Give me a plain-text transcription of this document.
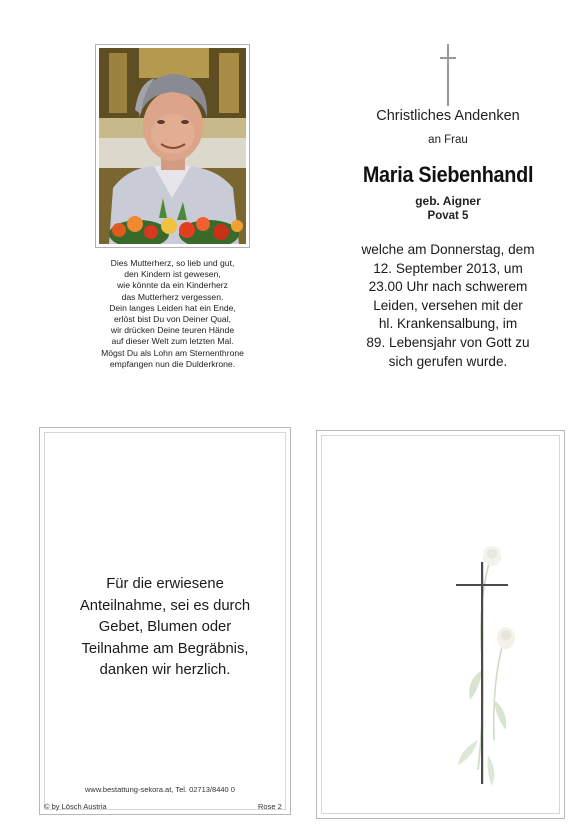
Dies Mutterherz, so lieb und gut,
den Kindern ist gewesen,
wie könnte da ein Kinderherz
das Mutterherz vergessen.
Dein langes Leiden hat ein Ende,
erlöst bist Du von Deiner Qual,
wir drücken Deine teuren Hände
auf dieser Welt zum letzten Mal.
Mögst Du als Lohn am Sternenthrone
empfangen nun die Dulderkrone.
Christliches Andenken
an Frau
Maria Siebenhandl
geb. Aigner
Povat 5
welche am Donnerstag, dem
12. September 2013, um
23.00 Uhr nach schwerem
Leiden, versehen mit der
hl. Krankensalbung, im
89. Lebensjahr von Gott zu
sich gerufen wurde.
Für die erwiesene
Anteilnahme, sei es durch
Gebet, Blumen oder
Teilnahme am Begräbnis,
danken wir herzlich.
www.bestattung-sekora.at, Tel. 02713/8440 0
© by Lösch Austria	Rose 2
